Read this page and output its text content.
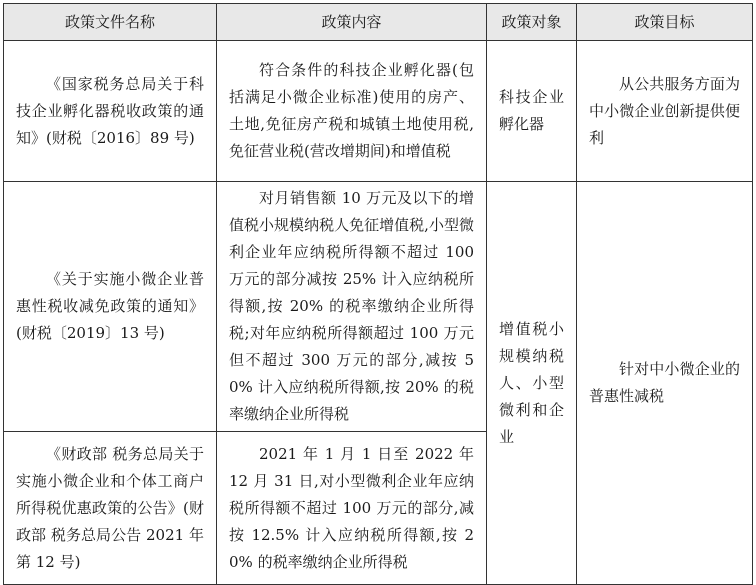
政策文件名称	政策内容	政策对象	政策目标
《国家税务总局关于科技企业孵化器税收政策的通知》(财税〔2016〕89 号)	符合条件的科技企业孵化器(包括满足小微企业标准)使用的房产、土地,免征房产税和城镇土地使用税,免征营业税(营改增期间)和增值税	科技企业孵化器	从公共服务方面为中小微企业创新提供便利
《关于实施小微企业普惠性税收减免政策的通知》(财税〔2019〕13 号)	对月销售额 10 万元及以下的增值税小规模纳税人免征增值税,小型微利企业年应纳税所得额不超过 100 万元的部分减按 25% 计入应纳税所得额,按 20% 的税率缴纳企业所得税;对年应纳税所得额超过 100 万元但不超过 300 万元的部分,减按 50% 计入应纳税所得额,按 20% 的税率缴纳企业所得税	增值税小规模纳税人、小型微利和企业	针对中小微企业的普惠性减税
《财政部 税务总局关于实施小微企业和个体工商户所得税优惠政策的公告》(财政部 税务总局公告 2021 年第 12 号)	2021 年 1 月 1 日至 2022 年 12 月 31 日,对小型微利企业年应纳税所得额不超过 100 万元的部分,减按 12.5% 计入应纳税所得额,按 20% 的税率缴纳企业所得税		
